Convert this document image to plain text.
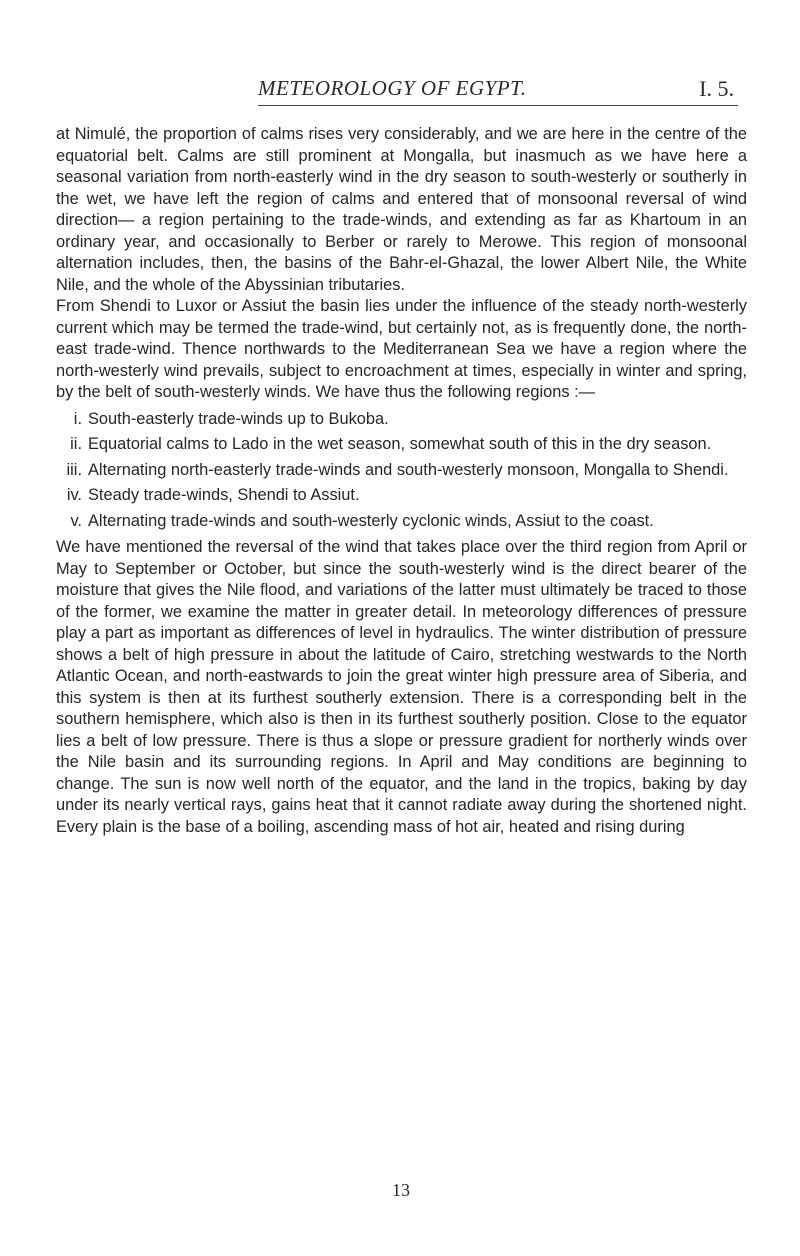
METEOROLOGY OF EGYPT.	I. 5.

at Nimulé, the proportion of calms rises very considerably, and we are here in the centre of the equatorial belt. Calms are still prominent at Mongalla, but inasmuch as we have here a seasonal variation from north-easterly wind in the dry season to south-westerly or southerly in the wet, we have left the region of calms and entered that of monsoonal reversal of wind direction— a region pertaining to the trade-winds, and extending as far as Khartoum in an ordinary year, and occasionally to Berber or rarely to Merowe. This region of monsoonal alternation includes, then, the basins of the Bahr-el-Ghazal, the lower Albert Nile, the White Nile, and the whole of the Abyssinian tributaries.

From Shendi to Luxor or Assiut the basin lies under the influence of the steady north-westerly current which may be termed the trade-wind, but certainly not, as is frequently done, the north-east trade-wind. Thence northwards to the Mediterranean Sea we have a region where the north-westerly wind prevails, subject to encroachment at times, especially in winter and spring, by the belt of south-westerly winds. We have thus the following regions :—

i. South-easterly trade-winds up to Bukoba.
ii. Equatorial calms to Lado in the wet season, somewhat south of this in the dry season.
iii. Alternating north-easterly trade-winds and south-westerly monsoon, Mongalla to Shendi.
iv. Steady trade-winds, Shendi to Assiut.
v. Alternating trade-winds and south-westerly cyclonic winds, Assiut to the coast.

We have mentioned the reversal of the wind that takes place over the third region from April or May to September or October, but since the south-westerly wind is the direct bearer of the moisture that gives the Nile flood, and variations of the latter must ultimately be traced to those of the former, we examine the matter in greater detail. In meteorology differences of pressure play a part as important as differences of level in hydraulics. The winter distribution of pressure shows a belt of high pressure in about the latitude of Cairo, stretching westwards to the North Atlantic Ocean, and north-eastwards to join the great winter high pressure area of Siberia, and this system is then at its furthest southerly extension. There is a corresponding belt in the southern hemisphere, which also is then in its furthest southerly position. Close to the equator lies a belt of low pressure. There is thus a slope or pressure gradient for northerly winds over the Nile basin and its surrounding regions. In April and May conditions are beginning to change. The sun is now well north of the equator, and the land in the tropics, baking by day under its nearly vertical rays, gains heat that it cannot radiate away during the shortened night. Every plain is the base of a boiling, ascending mass of hot air, heated and rising during

13
